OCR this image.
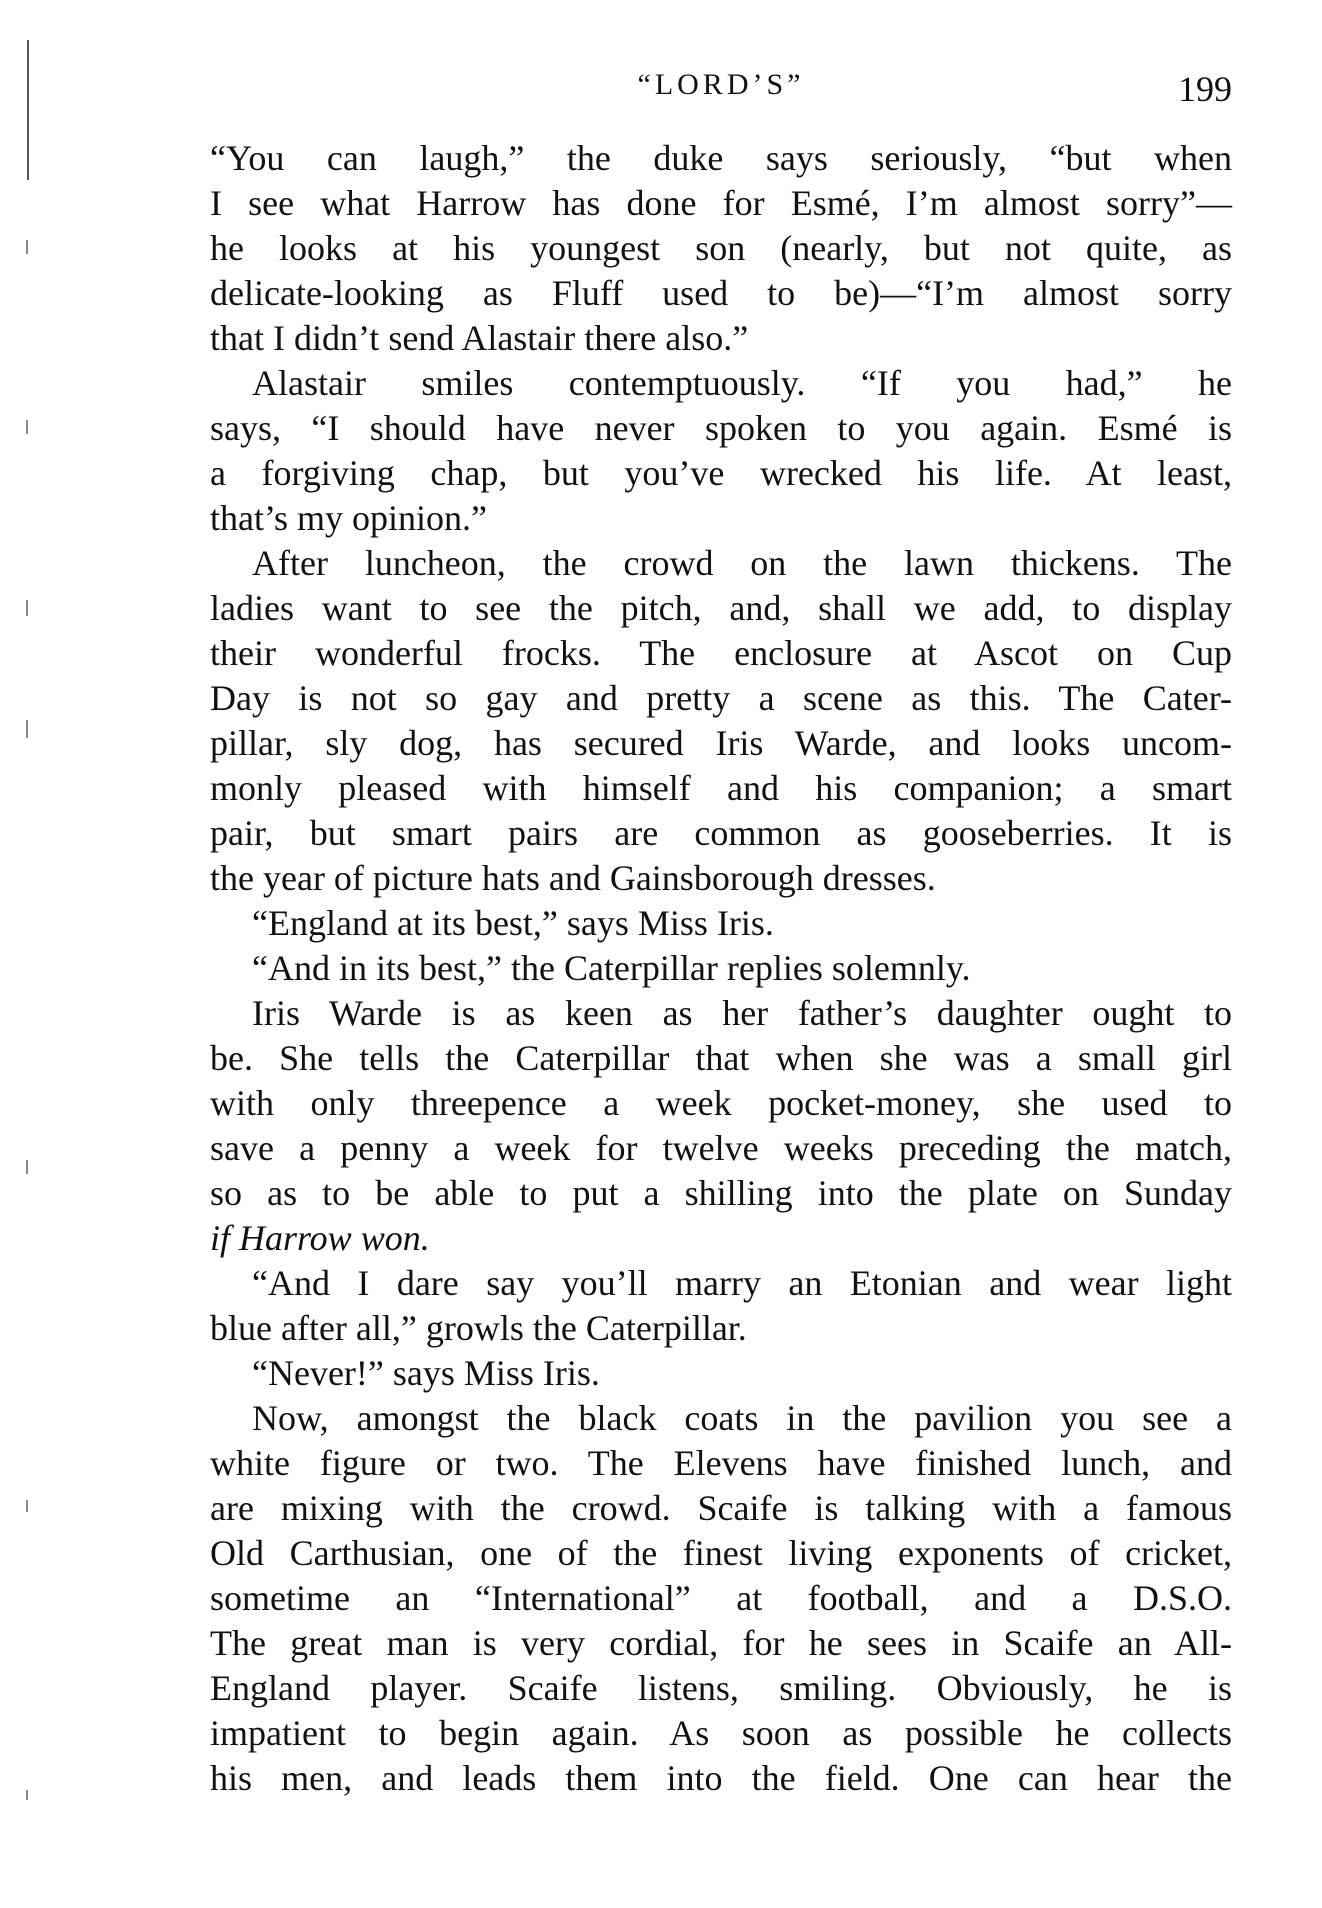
“LORD’S”	199
“You can laugh,” the duke says seriously, “but when
I see what Harrow has done for Esmé, I’m almost sorry”—
he looks at his youngest son (nearly, but not quite, as
delicate-looking as Fluff used to be)—“I’m almost sorry
that I didn’t send Alastair there also.”
Alastair smiles contemptuously. “If you had,” he
says, “I should have never spoken to you again. Esmé is
a forgiving chap, but you’ve wrecked his life. At least,
that’s my opinion.”
After luncheon, the crowd on the lawn thickens. The
ladies want to see the pitch, and, shall we add, to display
their wonderful frocks. The enclosure at Ascot on Cup
Day is not so gay and pretty a scene as this. The Cater-
pillar, sly dog, has secured Iris Warde, and looks uncom-
monly pleased with himself and his companion; a smart
pair, but smart pairs are common as gooseberries. It is
the year of picture hats and Gainsborough dresses.
“England at its best,” says Miss Iris.
“And in its best,” the Caterpillar replies solemnly.
Iris Warde is as keen as her father’s daughter ought to
be. She tells the Caterpillar that when she was a small girl
with only threepence a week pocket-money, she used to
save a penny a week for twelve weeks preceding the match,
so as to be able to put a shilling into the plate on Sunday
if Harrow won.
“And I dare say you’ll marry an Etonian and wear light
blue after all,” growls the Caterpillar.
“Never!” says Miss Iris.
Now, amongst the black coats in the pavilion you see a
white figure or two. The Elevens have finished lunch, and
are mixing with the crowd. Scaife is talking with a famous
Old Carthusian, one of the finest living exponents of cricket,
sometime an “International” at football, and a D.S.O.
The great man is very cordial, for he sees in Scaife an All-
England player. Scaife listens, smiling. Obviously, he is
impatient to begin again. As soon as possible he collects
his men, and leads them into the field. One can hear the
